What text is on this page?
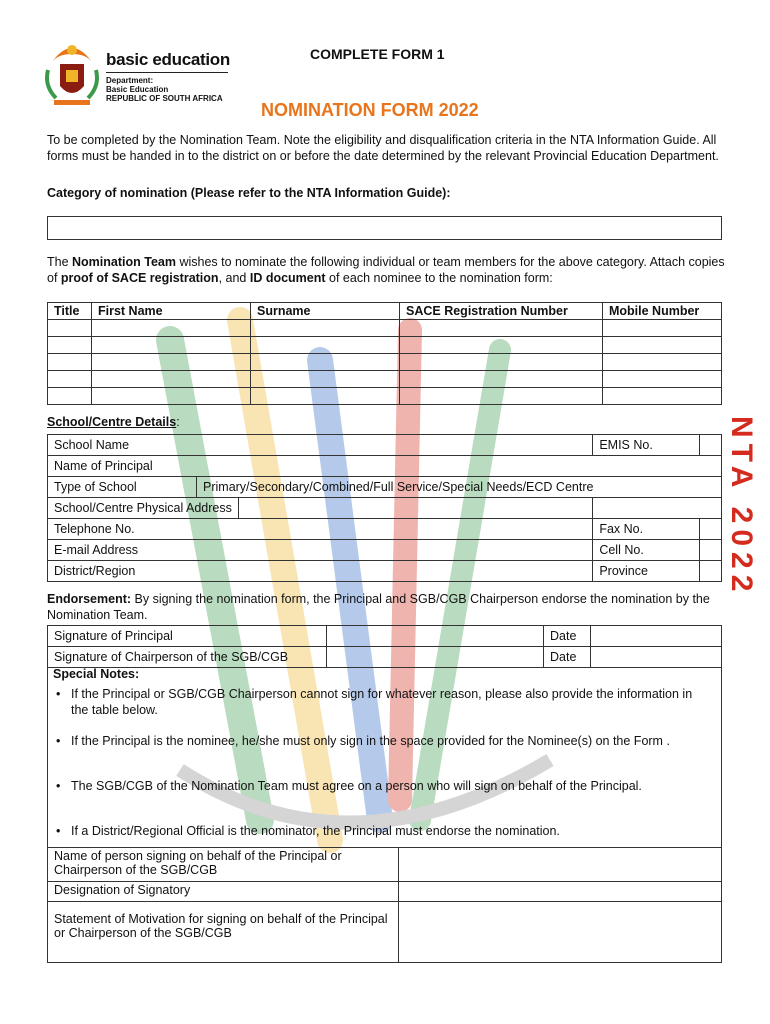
basic education
Department:
Basic Education
REPUBLIC OF SOUTH AFRICA
COMPLETE FORM 1
NOMINATION FORM 2022
To be completed by the Nomination Team. Note the eligibility and disqualification criteria in the NTA Information Guide. All forms must be handed in to the district on or before the date determined by the relevant Provincial Education Department.
Category of nomination (Please refer to the NTA Information Guide):
The Nomination Team wishes to nominate the following individual or team members for the above category. Attach copies of proof of SACE registration, and ID document of each nominee to the nomination form:
Title	First Name	Surname	SACE Registration Number	Mobile Number

School/Centre Details:
School Name		EMIS No.	
Name of Principal			
Type of School	Primary/Secondary/Combined/Full Service/Special Needs/ECD Centre		

School/Centre Physical Address			

Telephone No.		Fax No.	
E-mail Address		Cell No.	
District/Region		Province	
Endorsement: By signing the nomination form, the Principal and SGB/CGB Chairperson endorse the nomination by the Nomination Team.
Signature of Principal		Date	
Signature of Chairperson of the SGB/CGB		Date	
Special Notes:
• If the Principal or SGB/CGB Chairperson cannot sign for whatever reason, please also provide the information in the table below.
• If the Principal is the nominee, he/she must only sign in the space provided for the Nominee(s) on the Form .
• The SGB/CGB of the Nomination Team must agree on a person who will sign on behalf of the Principal.
• If a District/Regional Official is the nominator, the Principal must endorse the nomination.
Name of person signing on behalf of the Principal or Chairperson of the SGB/CGB	
Designation of Signatory	
Statement of Motivation for signing on behalf of the Principal or Chairperson of the SGB/CGB	
NTA 2022
